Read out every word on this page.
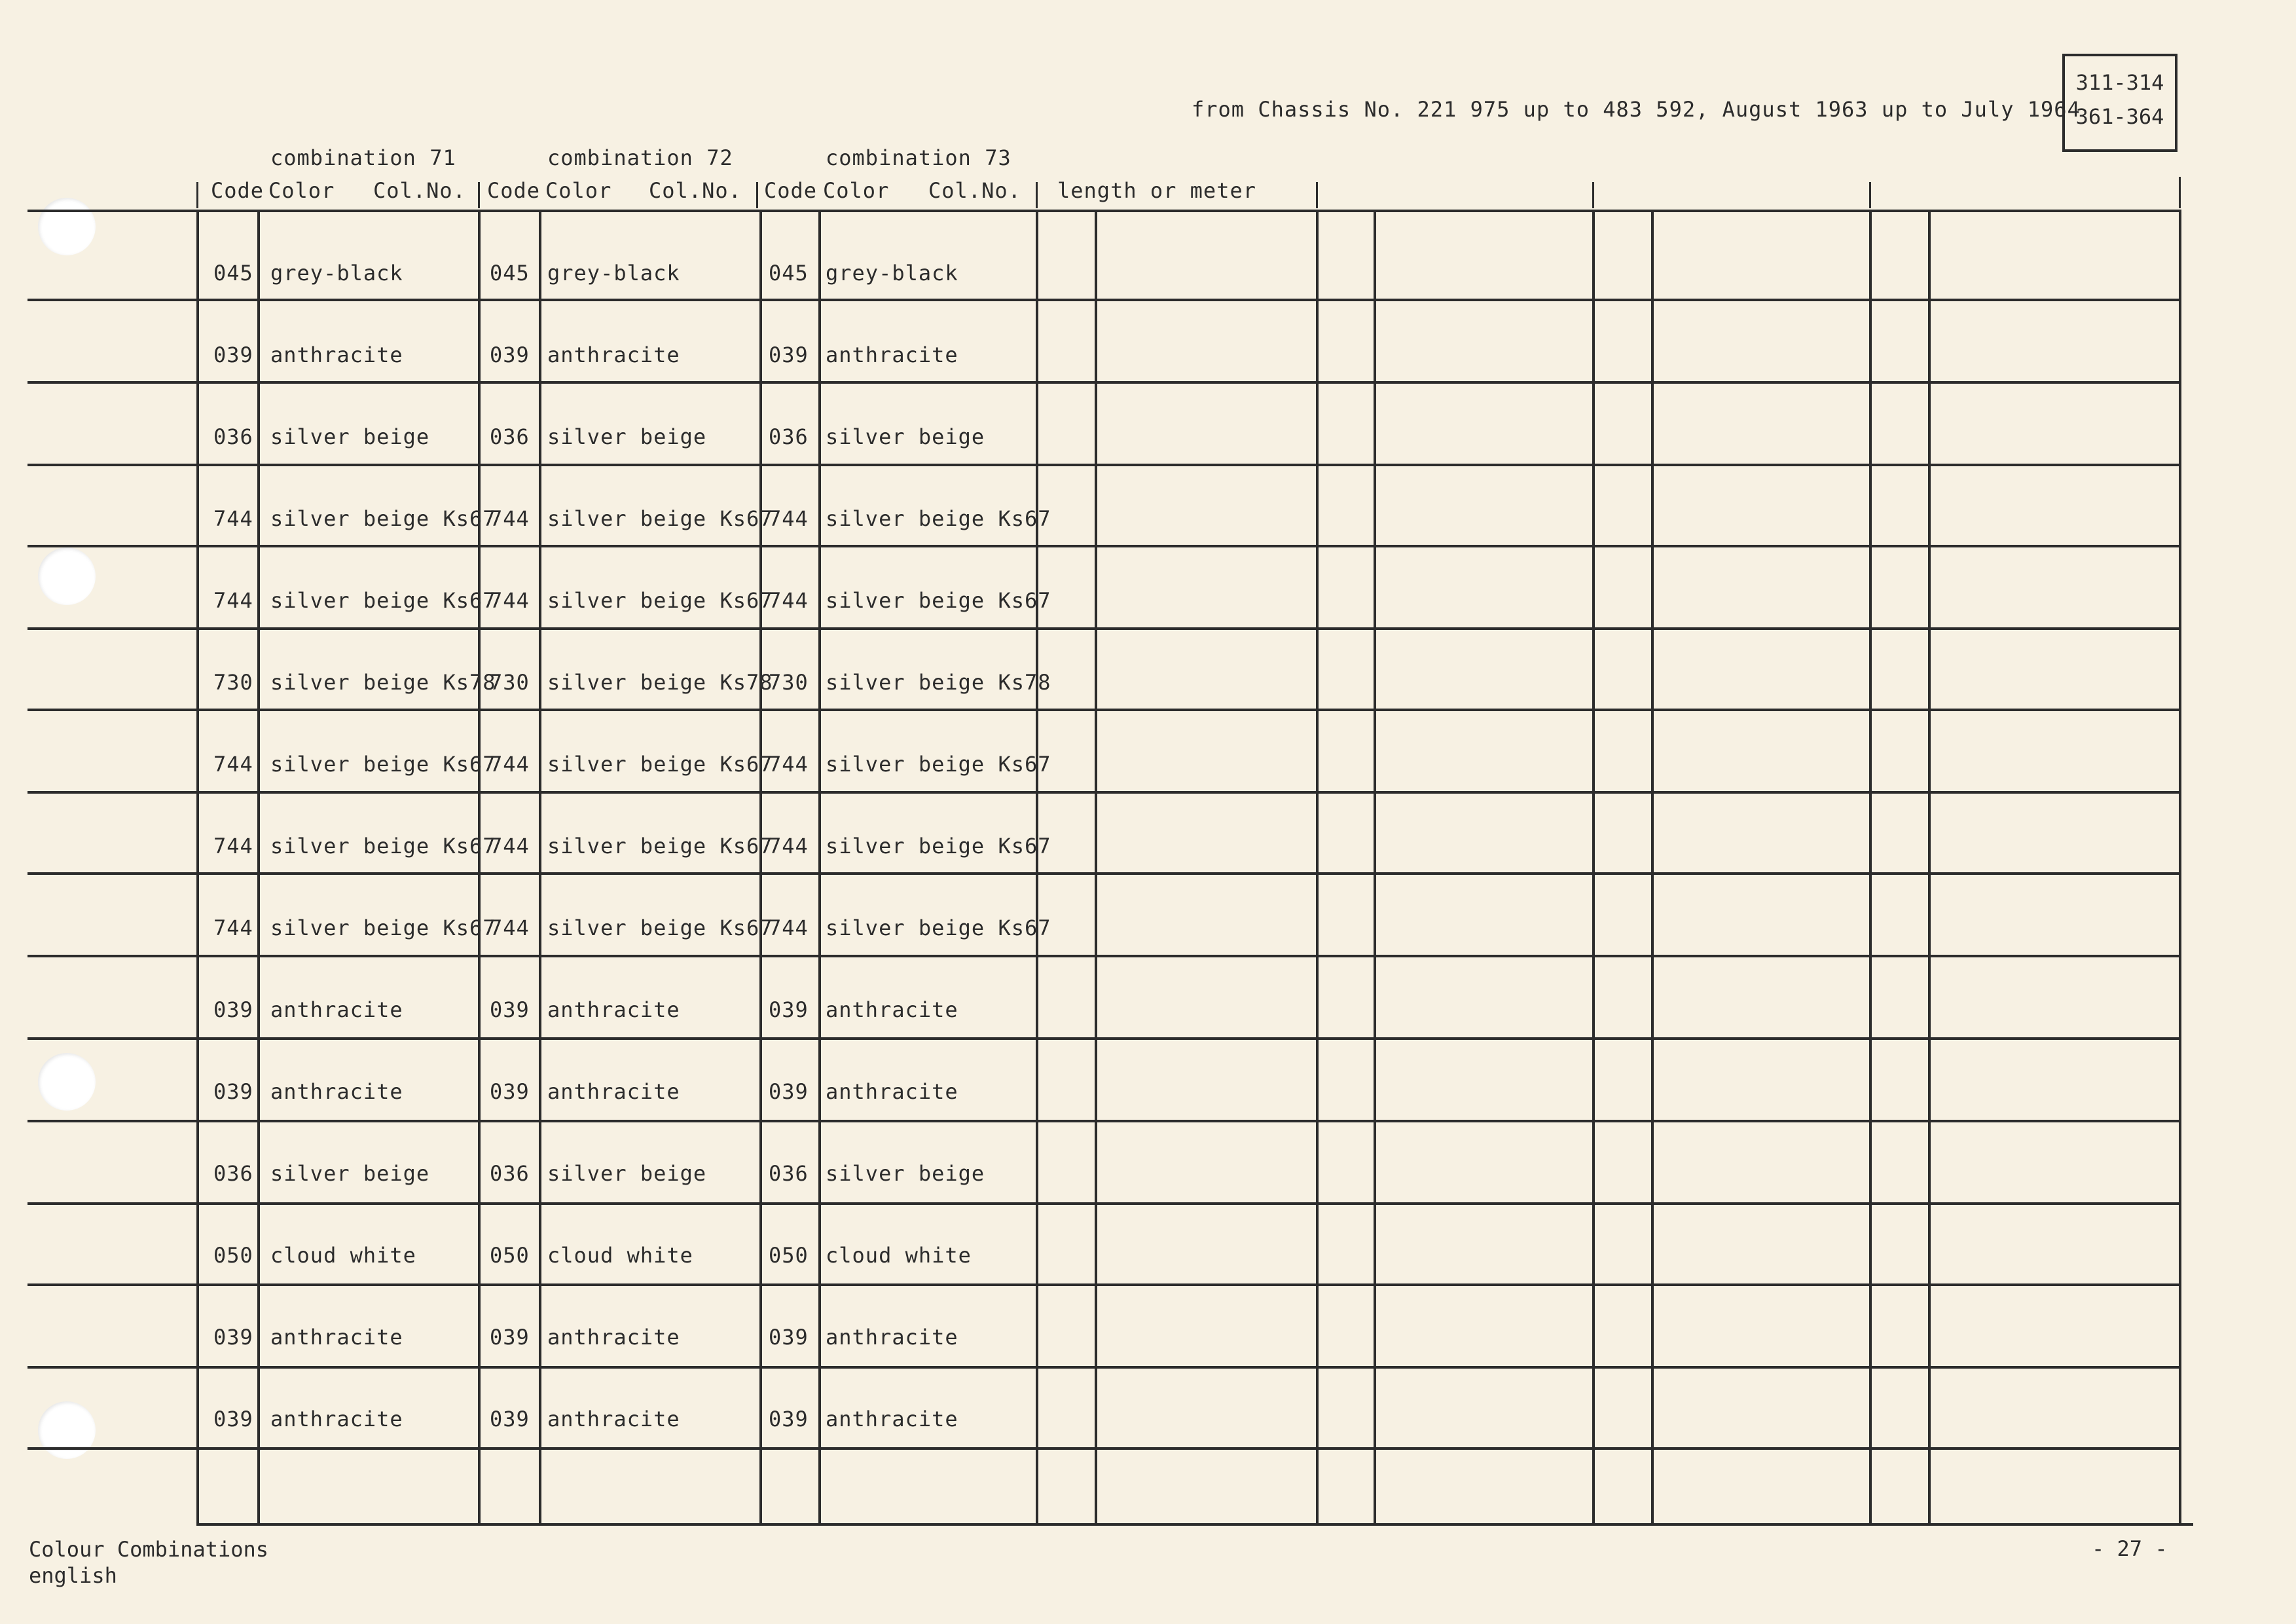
from Chassis No. 221 975 up to 483 592, August 1963 up to July 1964
311-314
361-364
combination 71	combination 72	combination 73
Code Color Col.No. Code Color Col.No. Code Color Col.No. length or meter
045 grey-black
039 anthracite
036 silver beige
744 silver beige Ks67
744 silver beige Ks67
730 silver beige Ks78
744 silver beige Ks67
744 silver beige Ks67
744 silver beige Ks67
039 anthracite
039 anthracite
036 silver beige
050 cloud white
039 anthracite
039 anthracite
045 grey-black
039 anthracite
036 silver beige
744 silver beige Ks67
744 silver beige Ks67
730 silver beige Ks78
744 silver beige Ks67
744 silver beige Ks67
744 silver beige Ks67
039 anthracite
039 anthracite
036 silver beige
050 cloud white
039 anthracite
039 anthracite
045 grey-black
039 anthracite
036 silver beige
744 silver beige Ks67
744 silver beige Ks67
730 silver beige Ks78
744 silver beige Ks67
744 silver beige Ks67
744 silver beige Ks67
039 anthracite
039 anthracite
036 silver beige
050 cloud white
039 anthracite
039 anthracite
Colour Combinations
english
- 27 -
